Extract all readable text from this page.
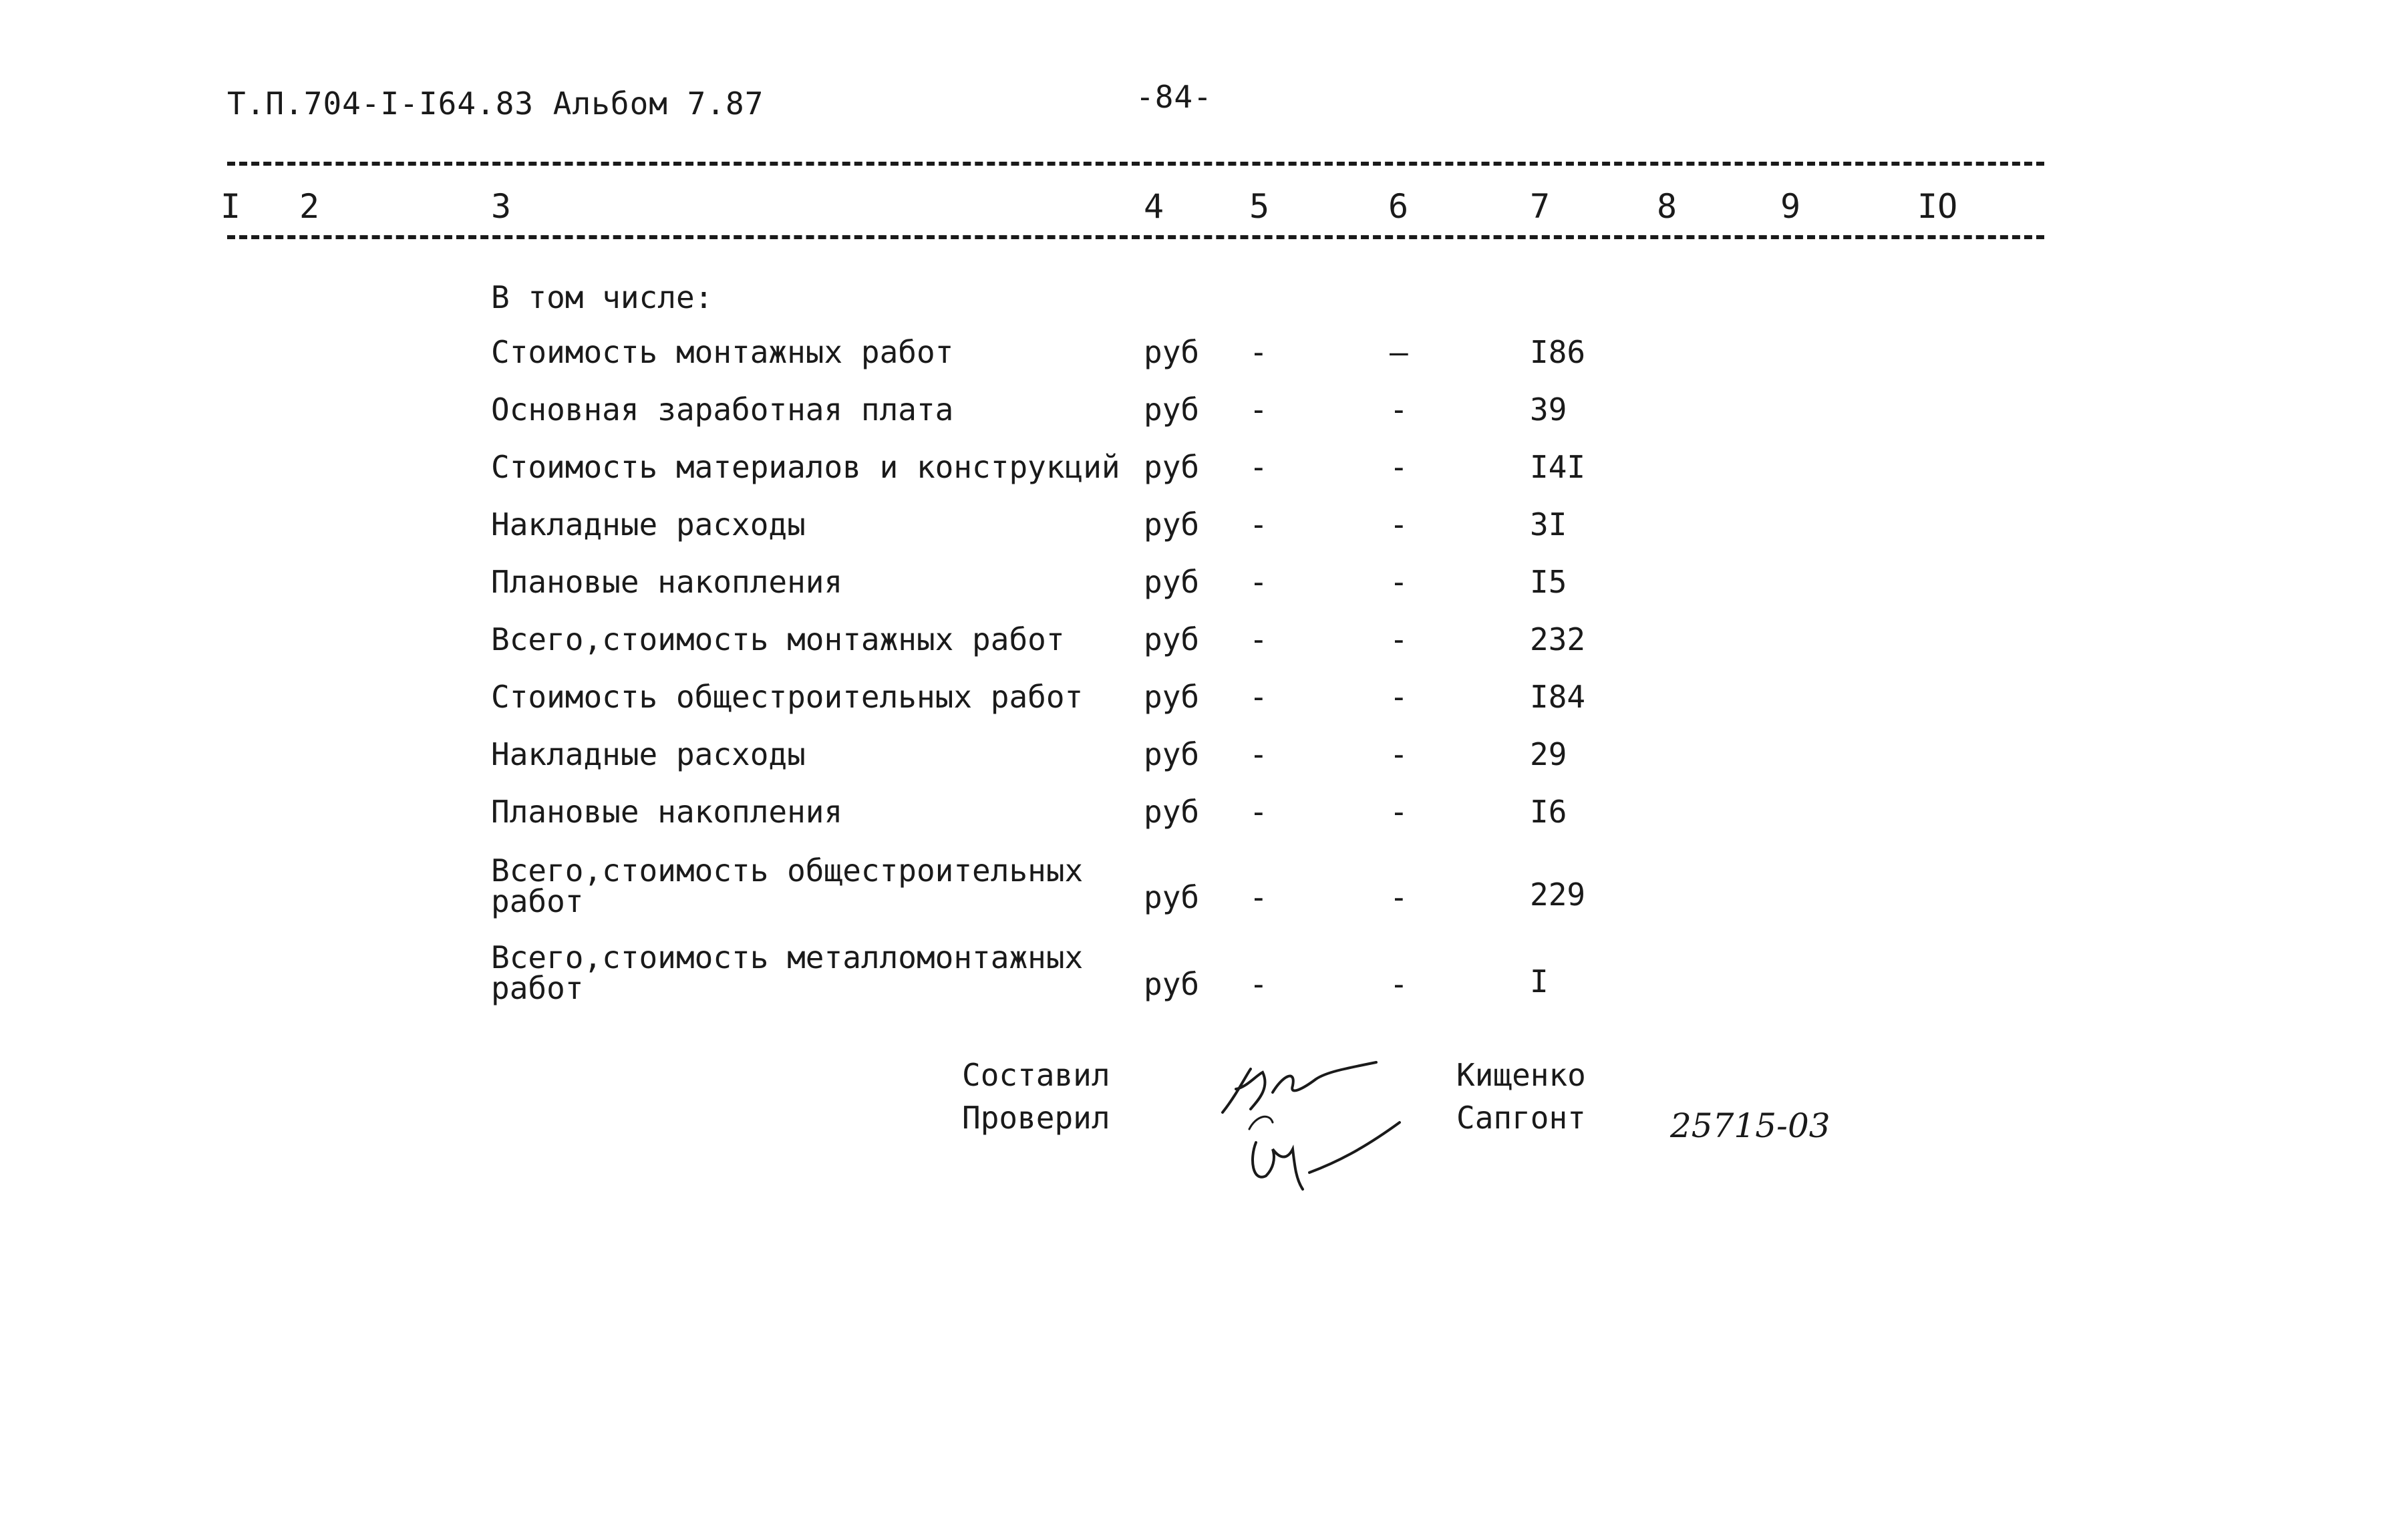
Т.П.704-I-I64.83 Альбом 7.87	-84-
I 2	3	4	5	6	7	8	9	IO
В том числе:
Стоимость монтажных работ	руб -	–	I86
Основная заработная плата	руб -	-	39
Стоимость материалов и конструкций руб -	-	I4I
Накладные расходы	руб -	-	3I
Плановые накопления	руб -	-	I5
Всего,стоимость монтажных работ	руб -	-	232
Стоимость общестроительных работ руб -	-	I84
Накладные расходы	руб -	-	29
Плановые накопления	руб -	-	I6
Всего,стоимость общестроительных
работ	руб -	-	229
Всего,стоимость металломонтажных
работ	руб -	-	I
Составил
Проверил
Кищенко
Сапгонт	25715-03
